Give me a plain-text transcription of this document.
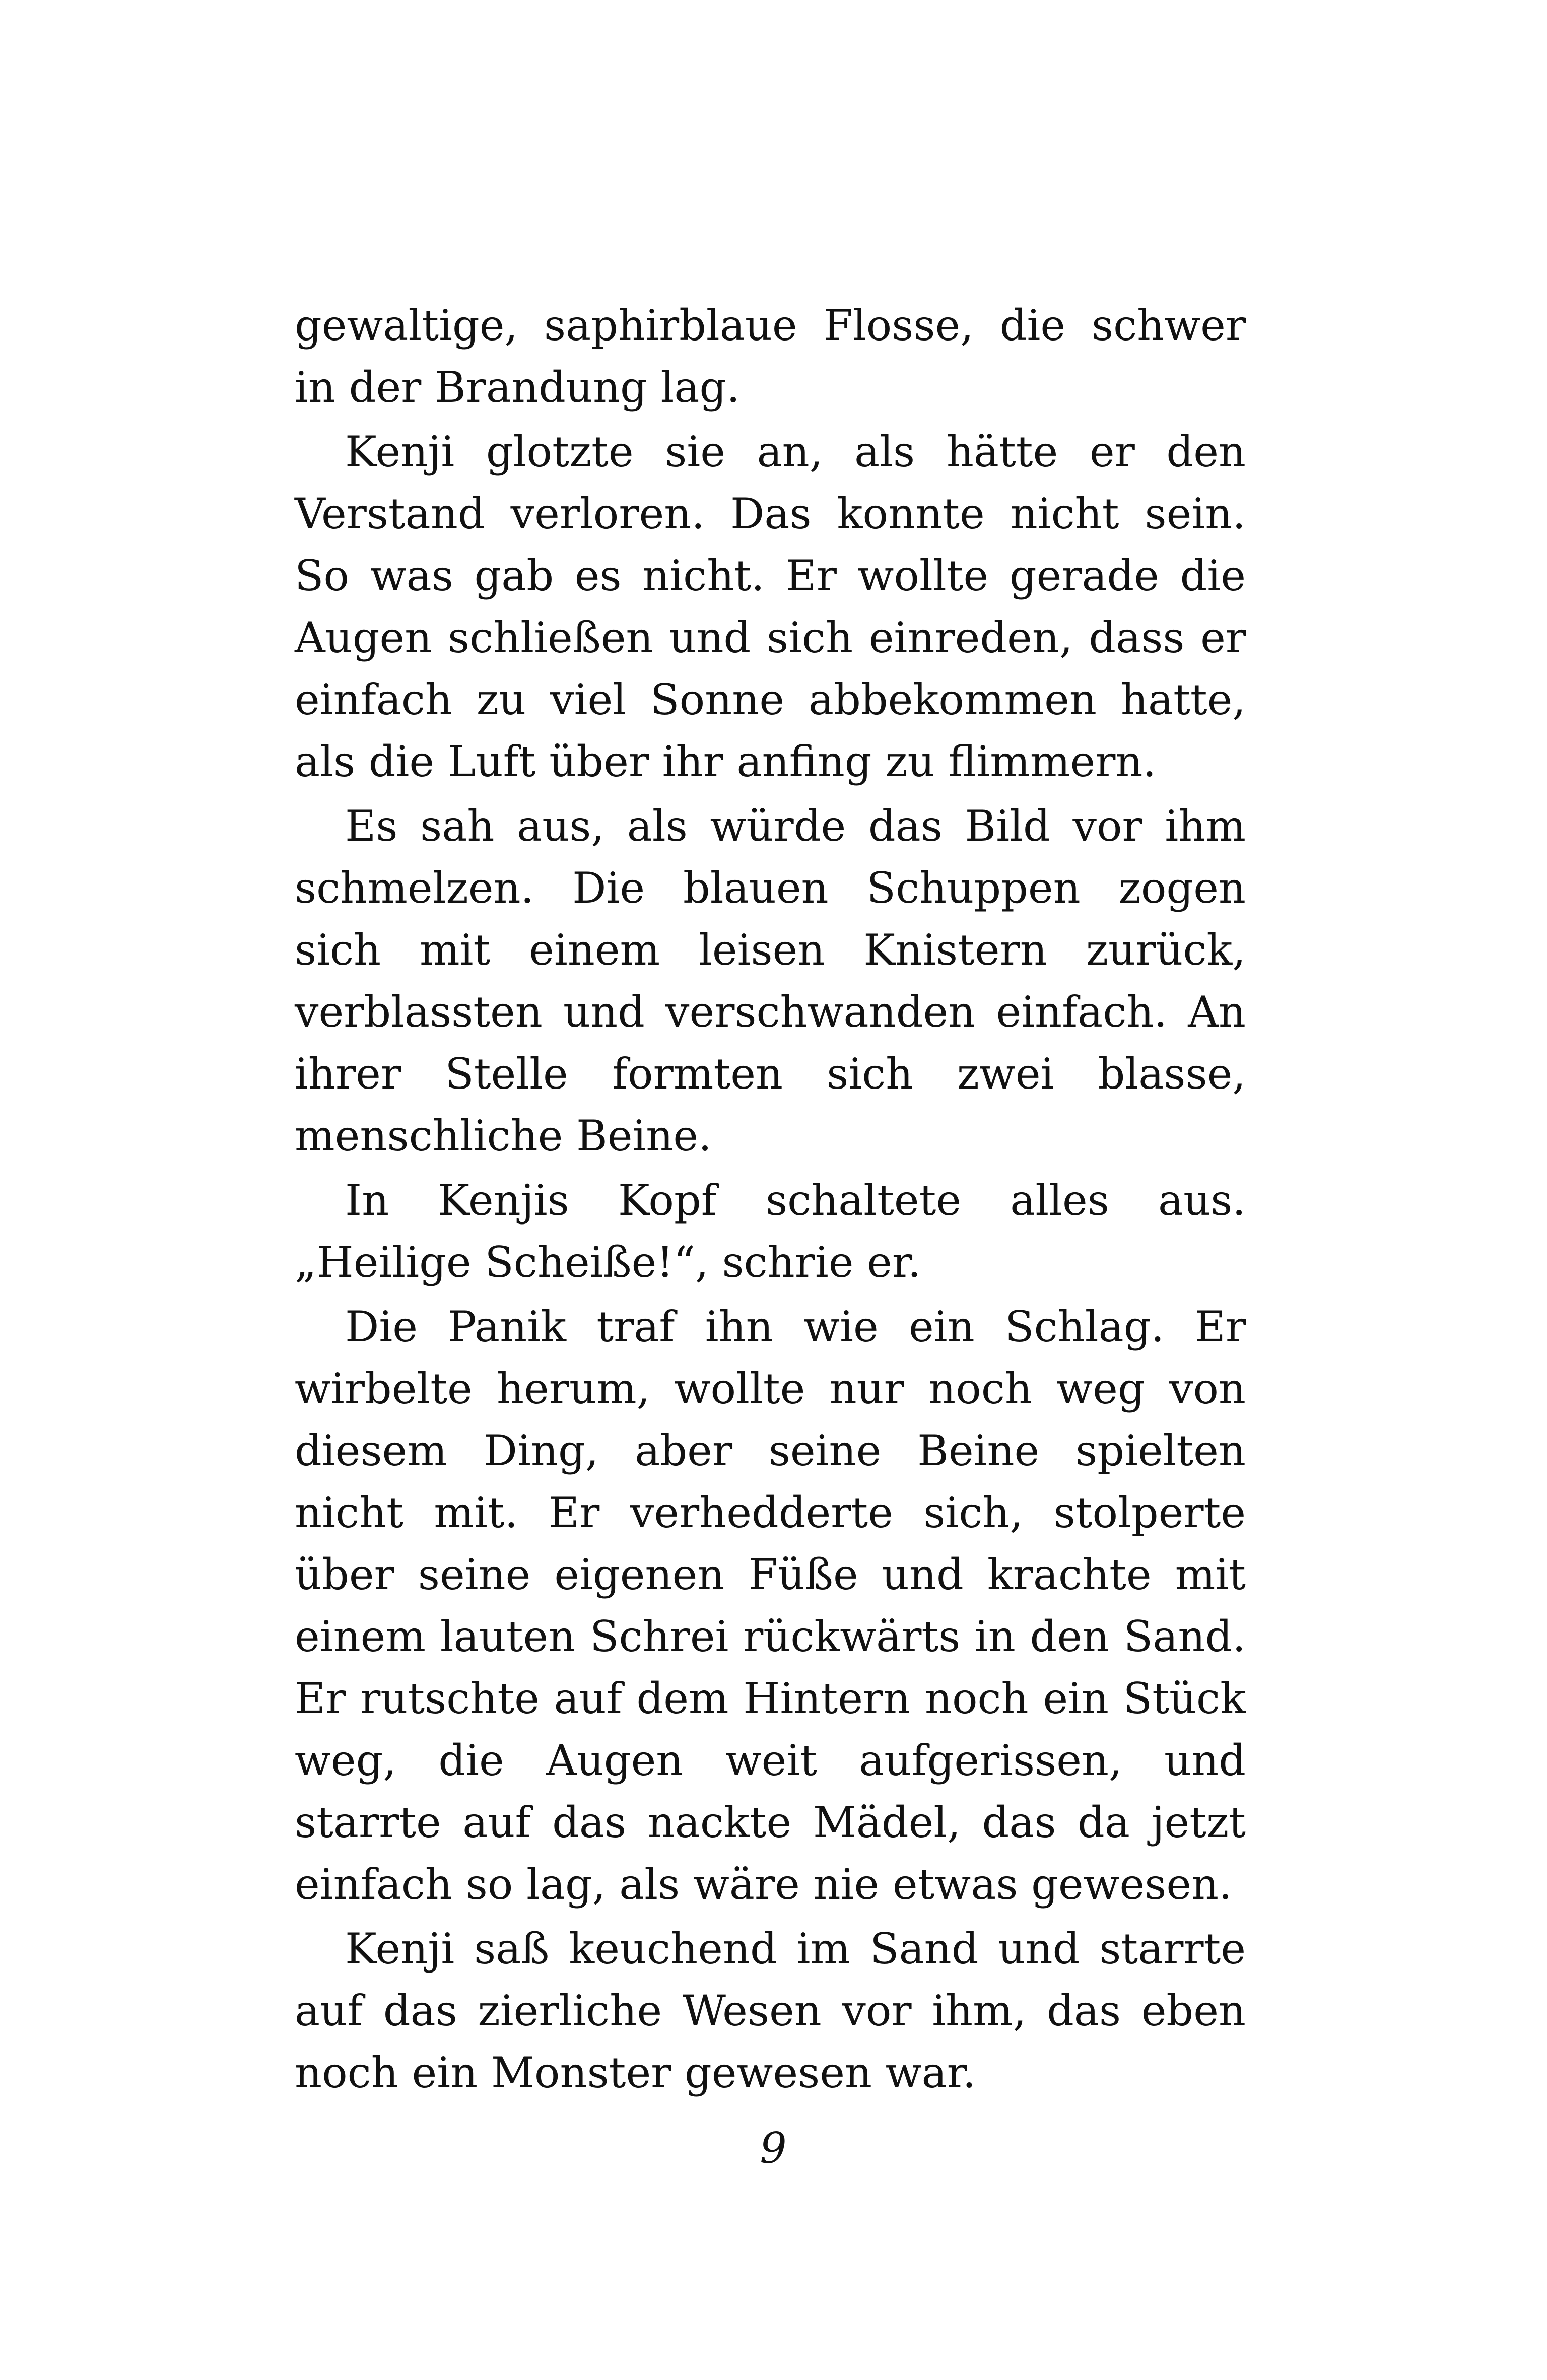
gewaltige, saphirblaue Flosse, die schwer in der Brandung lag.

Kenji glotzte sie an, als hätte er den Verstand verloren. Das konnte nicht sein. So was gab es nicht. Er wollte gerade die Augen schließen und sich einreden, dass er einfach zu viel Sonne abbekommen hatte, als die Luft über ihr anfing zu flimmern.

Es sah aus, als würde das Bild vor ihm schmelzen. Die blauen Schuppen zogen sich mit einem leisen Knistern zurück, verblassten und verschwanden einfach. An ihrer Stelle formten sich zwei blasse, menschliche Beine.

In Kenjis Kopf schaltete alles aus. „Heilige Scheiße!“, schrie er.

Die Panik traf ihn wie ein Schlag. Er wirbelte herum, wollte nur noch weg von diesem Ding, aber seine Beine spielten nicht mit. Er verhedderte sich, stolperte über seine eigenen Füße und krachte mit einem lauten Schrei rückwärts in den Sand. Er rutschte auf dem Hintern noch ein Stück weg, die Augen weit aufgerissen, und starrte auf das nackte Mädel, das da jetzt einfach so lag, als wäre nie etwas gewesen.

Kenji saß keuchend im Sand und starrte auf das zierliche Wesen vor ihm, das eben noch ein Monster gewesen war.

9
